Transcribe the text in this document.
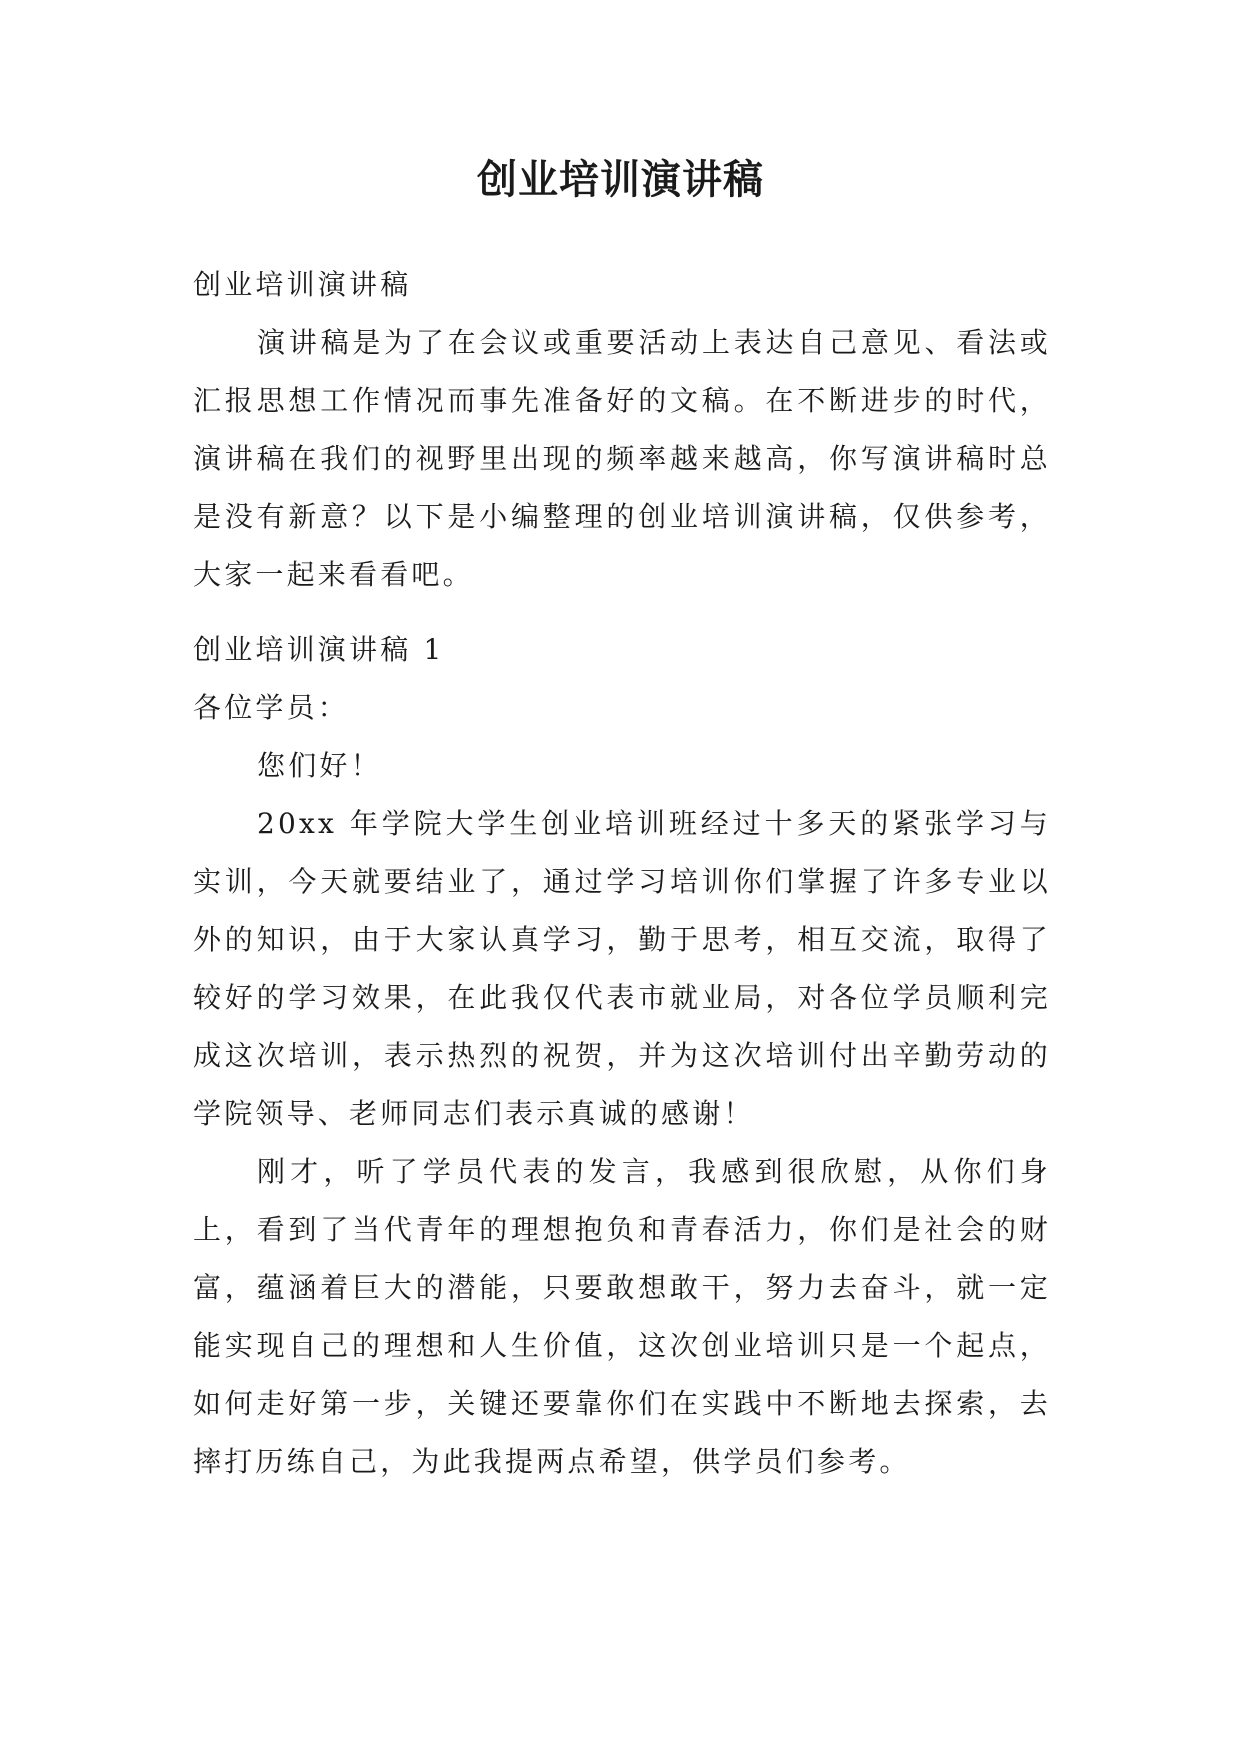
创业培训演讲稿

创业培训演讲稿

演讲稿是为了在会议或重要活动上表达自己意见、看法或汇报思想工作情况而事先准备好的文稿。在不断进步的时代，演讲稿在我们的视野里出现的频率越来越高，你写演讲稿时总是没有新意？以下是小编整理的创业培训演讲稿，仅供参考，大家一起来看看吧。

创业培训演讲稿 1

各位学员：

您们好！

20xx 年学院大学生创业培训班经过十多天的紧张学习与实训，今天就要结业了，通过学习培训你们掌握了许多专业以外的知识，由于大家认真学习，勤于思考，相互交流，取得了较好的学习效果，在此我仅代表市就业局，对各位学员顺利完成这次培训，表示热烈的祝贺，并为这次培训付出辛勤劳动的学院领导、老师同志们表示真诚的感谢！

刚才，听了学员代表的发言，我感到很欣慰，从你们身上，看到了当代青年的理想抱负和青春活力，你们是社会的财富，蕴涵着巨大的潜能，只要敢想敢干，努力去奋斗，就一定能实现自己的理想和人生价值，这次创业培训只是一个起点，如何走好第一步，关键还要靠你们在实践中不断地去探索，去摔打历练自己，为此我提两点希望，供学员们参考。
